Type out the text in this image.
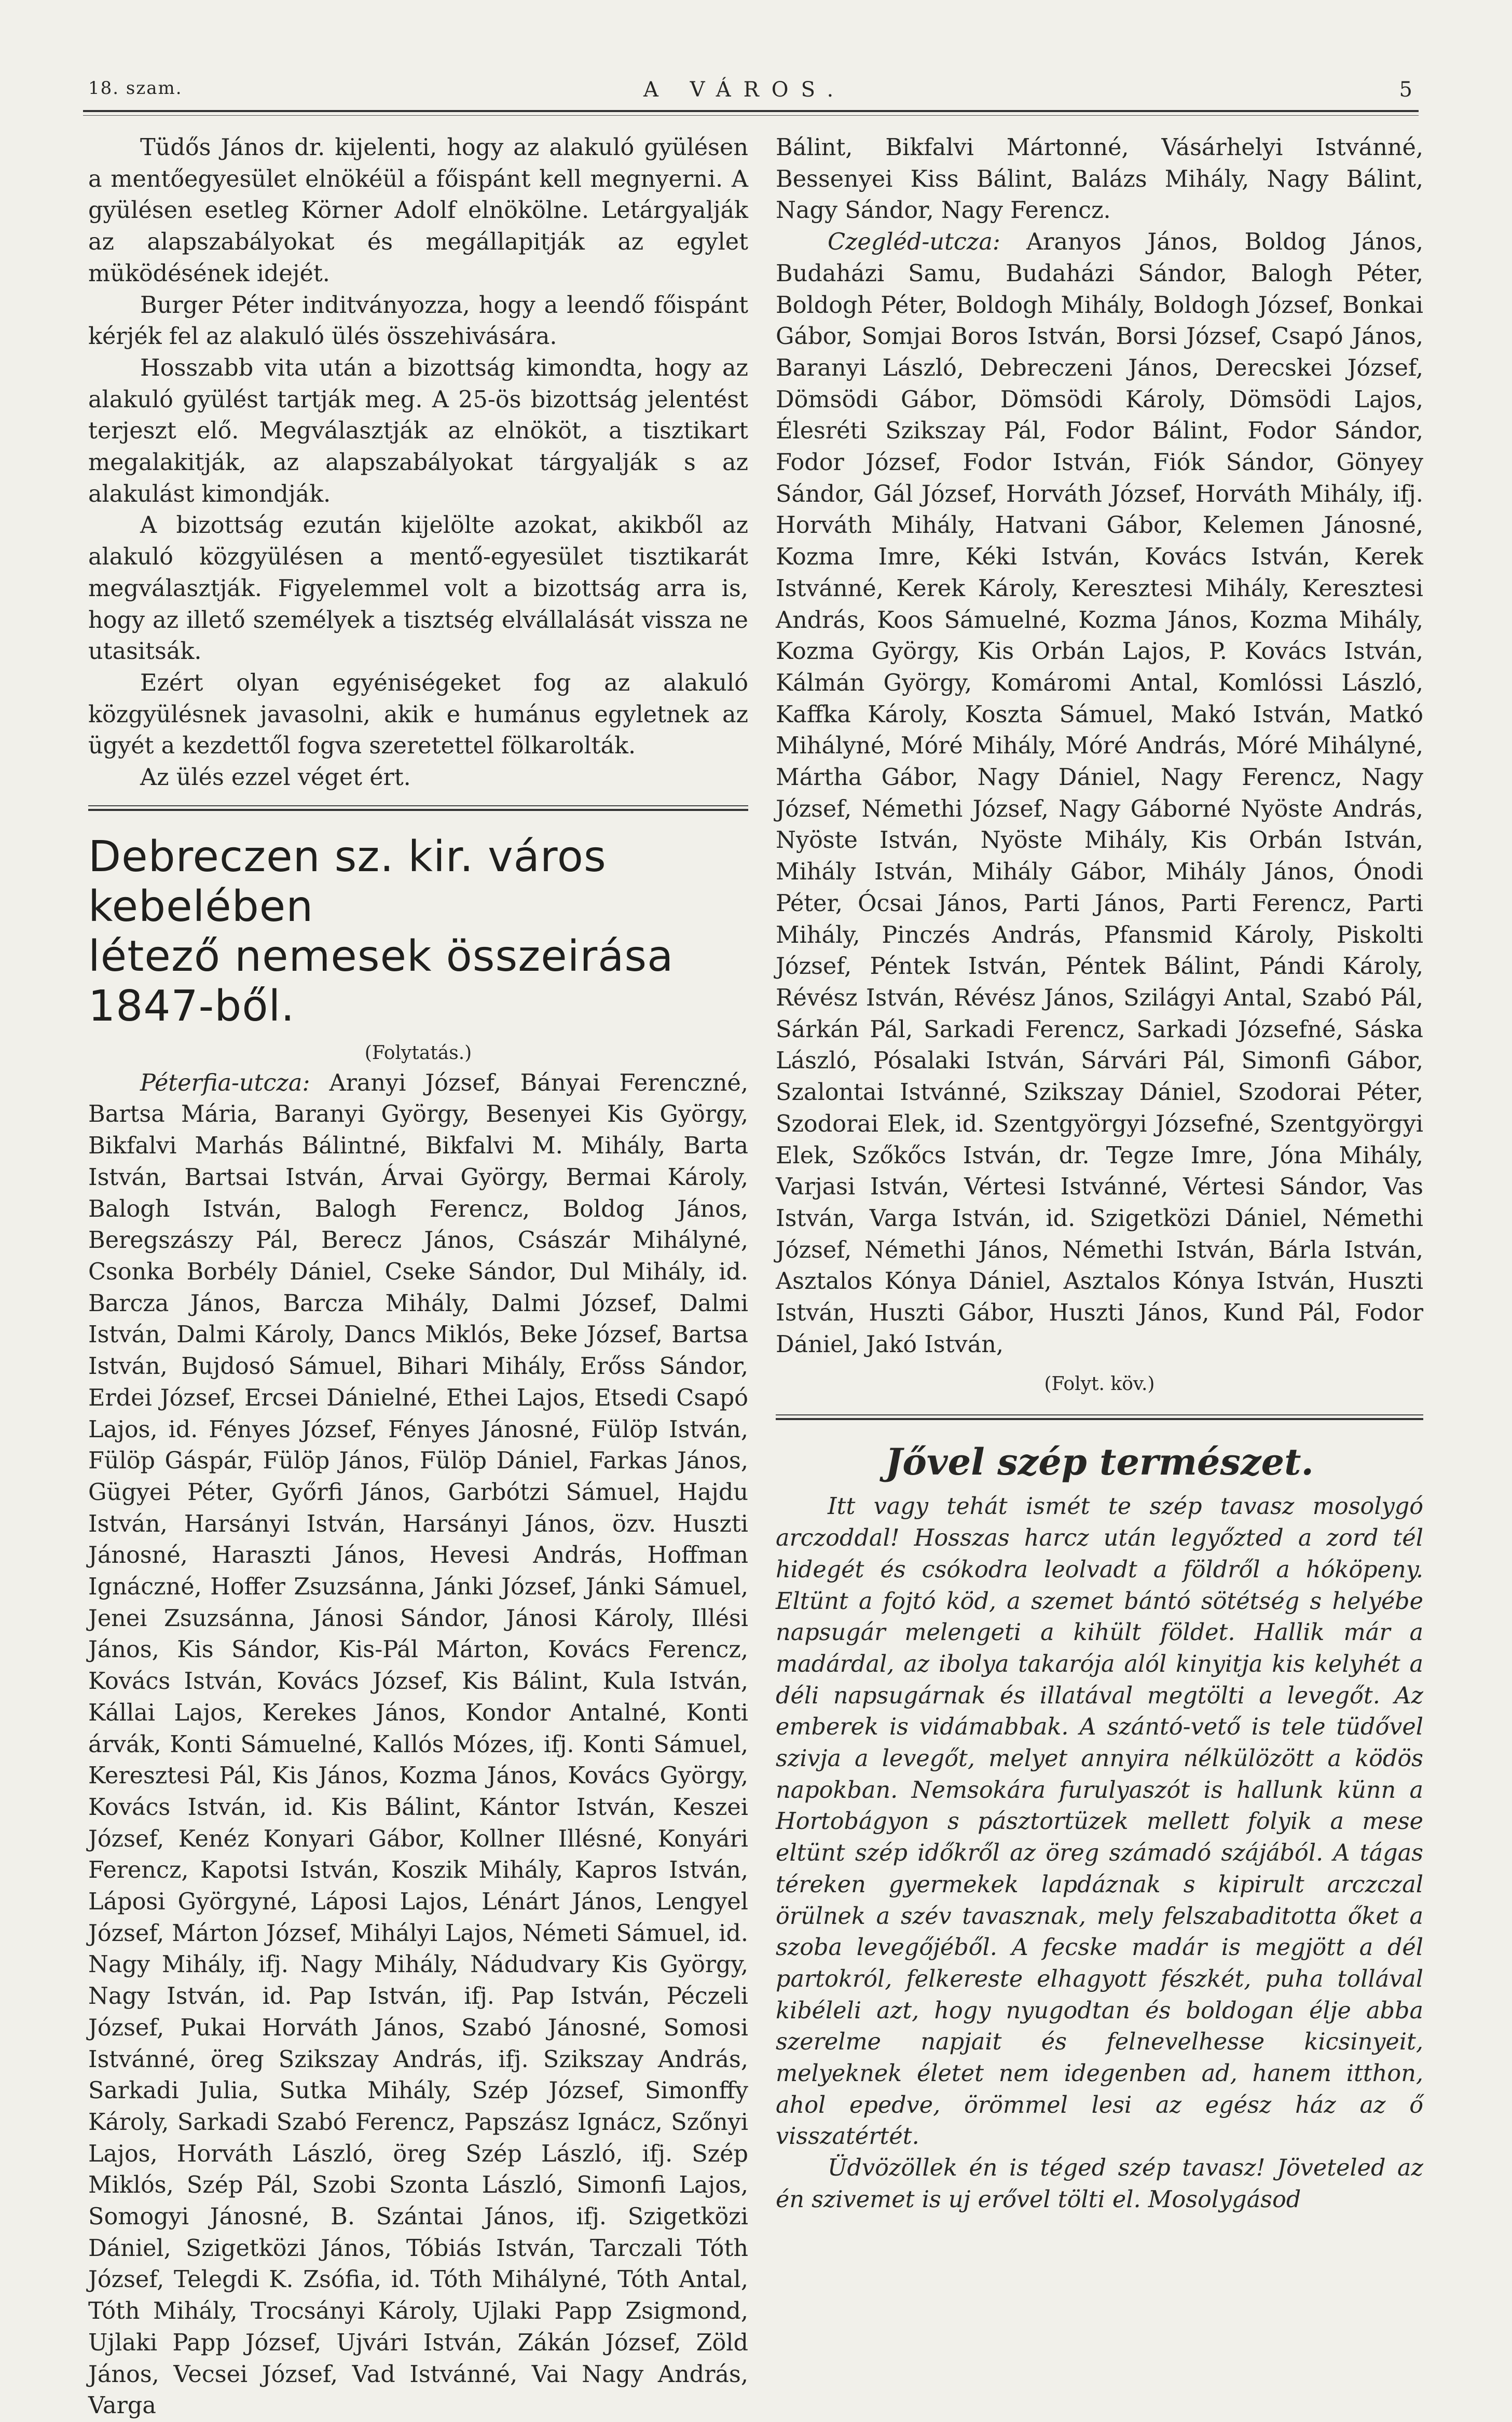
18. szam.	A VÁROS.	5

Tüdős János dr. kijelenti, hogy az alakuló gyülésen a mentőegyesület elnökéül a főispánt kell megnyerni. A gyülésen esetleg Körner Adolf elnökölne. Letárgyalják az alapszabályokat és megállapitják az egylet müködésének idejét.

Burger Péter inditványozza, hogy a leendő főispánt kérjék fel az alakuló ülés összehivására.

Hosszabb vita után a bizottság kimondta, hogy az alakuló gyülést tartják meg. A 25-ös bizottság jelentést terjeszt elő. Megválasztják az elnököt, a tisztikart megalakitják, az alapszabályokat tárgyalják s az alakulást kimondják.

A bizottság ezután kijelölte azokat, akikből az alakuló közgyülésen a mentő-egyesület tisztikarát megválasztják. Figyelemmel volt a bizottság arra is, hogy az illető személyek a tisztség elvállalását vissza ne utasitsák.

Ezért olyan egyéniségeket fog az alakuló közgyülésnek javasolni, akik e humánus egyletnek az ügyét a kezdettől fogva szeretettel fölkarolták.

Az ülés ezzel véget ért.

Debreczen sz. kir. város kebelében
létező nemesek összeirása 1847-ből.

(Folytatás.)

Péterfia-utcza: Aranyi József, Bányai Ferenczné, Bartsa Mária, Baranyi György, Besenyei Kis György, Bikfalvi Marhás Bálintné, Bikfalvi M. Mihály, Barta István, Bartsai István, Árvai György, Bermai Károly, Balogh István, Balogh Ferencz, Boldog János, Beregszászy Pál, Berecz János, Császár Mihályné, Csonka Borbély Dániel, Cseke Sándor, Dul Mihály, id. Barcza János, Barcza Mihály, Dalmi József, Dalmi István, Dalmi Károly, Dancs Miklós, Beke József, Bartsa István, Bujdosó Sámuel, Bihari Mihály, Erőss Sándor, Erdei József, Ercsei Dánielné, Ethei Lajos, Etsedi Csapó Lajos, id. Fényes József, Fényes Jánosné, Fülöp István, Fülöp Gáspár, Fülöp János, Fülöp Dániel, Farkas János, Gügyei Péter, Győrfi János, Garbótzi Sámuel, Hajdu István, Harsányi István, Harsányi János, özv. Huszti Jánosné, Haraszti János, Hevesi András, Hoffman Ignáczné, Hoffer Zsuzsánna, Jánki József, Jánki Sámuel, Jenei Zsuzsánna, Jánosi Sándor, Jánosi Károly, Illési János, Kis Sándor, Kis-Pál Márton, Kovács Ferencz, Kovács István, Kovács József, Kis Bálint, Kula István, Kállai Lajos, Kerekes János, Kondor Antalné, Konti árvák, Konti Sámuelné, Kallós Mózes, ifj. Konti Sámuel, Keresztesi Pál, Kis János, Kozma János, Kovács György, Kovács István, id. Kis Bálint, Kántor István, Keszei József, Kenéz Konyari Gábor, Kollner Illésné, Konyári Ferencz, Kapotsi István, Koszik Mihály, Kapros István, Láposi Györgyné, Láposi Lajos, Lénárt János, Lengyel József, Márton József, Mihályi Lajos, Németi Sámuel, id. Nagy Mihály, ifj. Nagy Mihály, Nádudvary Kis György, Nagy István, id. Pap István, ifj. Pap István, Péczeli József, Pukai Horváth János, Szabó Jánosné, Somosi Istvánné, öreg Szikszay András, ifj. Szikszay András, Sarkadi Julia, Sutka Mihály, Szép József, Simonffy Károly, Sarkadi Szabó Ferencz, Papszász Ignácz, Szőnyi Lajos, Horváth László, öreg Szép László, ifj. Szép Miklós, Szép Pál, Szobi Szonta László, Simonfi Lajos, Somogyi Jánosné, B. Szántai János, ifj. Szigetközi Dániel, Szigetközi János, Tóbiás István, Tarczali Tóth József, Telegdi K. Zsófia, id. Tóth Mihályné, Tóth Antal, Tóth Mihály, Trocsányi Károly, Ujlaki Papp Zsigmond, Ujlaki Papp József, Ujvári István, Zákán József, Zöld János, Vecsei József, Vad Istvánné, Vai Nagy András, Varga

Bálint, Bikfalvi Mártonné, Vásárhelyi Istvánné, Bessenyei Kiss Bálint, Balázs Mihály, Nagy Bálint, Nagy Sándor, Nagy Ferencz.

Czegléd-utcza: Aranyos János, Boldog János, Budaházi Samu, Budaházi Sándor, Balogh Péter, Boldogh Péter, Boldogh Mihály, Boldogh József, Bonkai Gábor, Somjai Boros István, Borsi József, Csapó János, Baranyi László, Debreczeni János, Derecskei József, Dömsödi Gábor, Dömsödi Károly, Dömsödi Lajos, Élesréti Szikszay Pál, Fodor Bálint, Fodor Sándor, Fodor József, Fodor István, Fiók Sándor, Gönyey Sándor, Gál József, Horváth József, Horváth Mihály, ifj. Horváth Mihály, Hatvani Gábor, Kelemen Jánosné, Kozma Imre, Kéki István, Kovács István, Kerek Istvánné, Kerek Károly, Keresztesi Mihály, Keresztesi András, Koos Sámuelné, Kozma János, Kozma Mihály, Kozma György, Kis Orbán Lajos, P. Kovács István, Kálmán György, Komáromi Antal, Komlóssi László, Kaffka Károly, Koszta Sámuel, Makó István, Matkó Mihályné, Móré Mihály, Móré András, Móré Mihályné, Mártha Gábor, Nagy Dániel, Nagy Ferencz, Nagy József, Némethi József, Nagy Gáborné Nyöste András, Nyöste István, Nyöste Mihály, Kis Orbán István, Mihály István, Mihály Gábor, Mihály János, Ónodi Péter, Ócsai János, Parti János, Parti Ferencz, Parti Mihály, Pinczés András, Pfansmid Károly, Piskolti József, Péntek István, Péntek Bálint, Pándi Károly, Révész István, Révész János, Szilágyi Antal, Szabó Pál, Sárkán Pál, Sarkadi Ferencz, Sarkadi Józsefné, Sáska László, Pósalaki István, Sárvári Pál, Simonfi Gábor, Szalontai Istvánné, Szikszay Dániel, Szodorai Péter, Szodorai Elek, id. Szentgyörgyi Józsefné, Szentgyörgyi Elek, Szőkőcs István, dr. Tegze Imre, Jóna Mihály, Varjasi István, Vértesi Istvánné, Vértesi Sándor, Vas István, Varga István, id. Szigetközi Dániel, Némethi József, Némethi János, Némethi István, Bárla István, Asztalos Kónya Dániel, Asztalos Kónya István, Huszti István, Huszti Gábor, Huszti János, Kund Pál, Fodor Dániel, Jakó István,

(Folyt. köv.)

Jővel szép természet.

Itt vagy tehát ismét te szép tavasz mosolygó arczoddal! Hosszas harcz után legyőzted a zord tél hidegét és csókodra leolvadt a földről a hóköpeny. Eltünt a fojtó köd, a szemet bántó sötétség s helyébe napsugár melengeti a kihült földet. Hallik már a madárdal, az ibolya takarója alól kinyitja kis kelyhét a déli napsugárnak és illatával megtölti a levegőt. Az emberek is vidámabbak. A szántó-vető is tele tüdővel szivja a levegőt, melyet annyira nélkülözött a ködös napokban. Nemsokára furulyaszót is hallunk künn a Hortobágyon s pásztortüzek mellett folyik a mese eltünt szép időkről az öreg számadó szájából. A tágas téreken gyermekek lapdáznak s kipirult arczczal örülnek a szév tavasznak, mely felszabaditotta őket a szoba levegőjéből. A fecske madár is megjött a dél partokról, felkereste elhagyott fészkét, puha tollával kibéleli azt, hogy nyugodtan és boldogan élje abba szerelme napjait és felnevelhesse kicsinyeit, melyeknek életet nem idegenben ad, hanem itthon, ahol epedve, örömmel lesi az egész ház az ő visszatértét.

Üdvözöllek én is téged szép tavasz! Jöveteled az én szivemet is uj erővel tölti el. Mosolygásod
